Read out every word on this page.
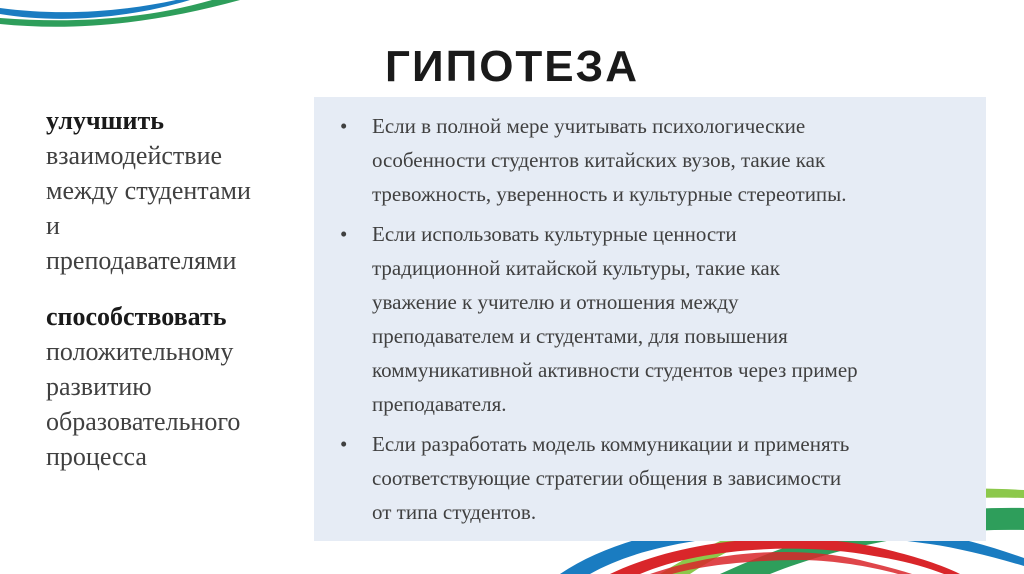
ГИПОТЕЗА
улучшить
взаимодействие
между студентами
и
преподавателями
способствовать
положительному
развитию
образовательного
процесса
• Если в полной мере учитывать психологические
особенности студентов китайских вузов, такие как
тревожность, уверенность и культурные стереотипы.
• Если использовать культурные ценности
традиционной китайской культуры, такие как
уважение к учителю и отношения между
преподавателем и студентами, для повышения
коммуникативной активности студентов через пример
преподавателя.
• Если разработать модель коммуникации и применять
соответствующие стратегии общения в зависимости
от типа студентов.
